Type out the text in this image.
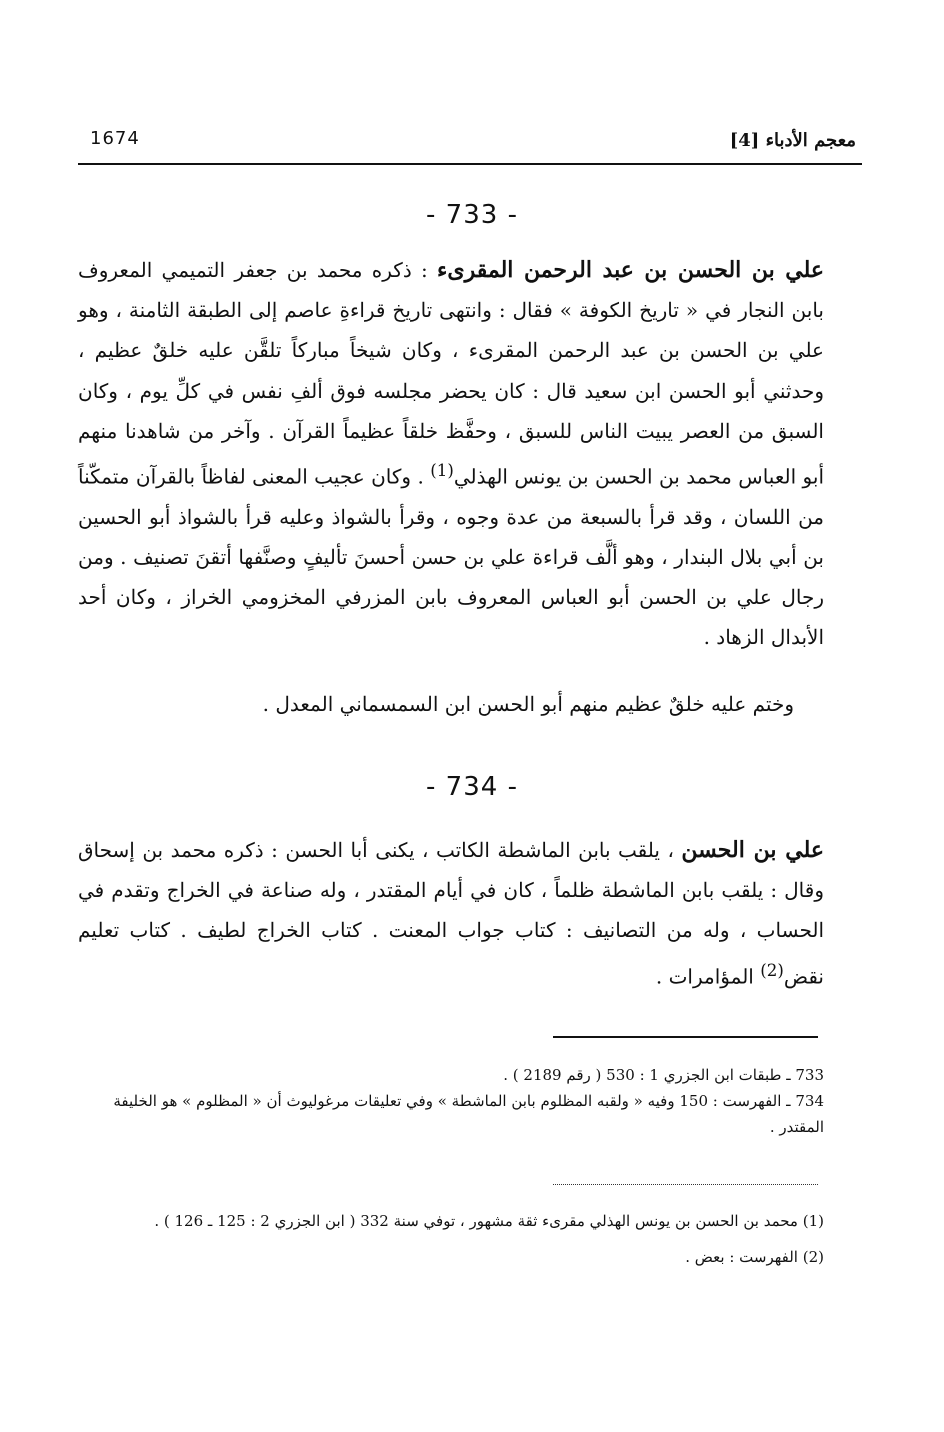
معجم الأدباء [4]
1674
- 733 -
علي بن الحسن بن عبد الرحمن المقرىء : ذكره محمد بن جعفر التميمي المعروف بابن النجار في « تاريخ الكوفة » فقال : وانتهى تاريخ قراءةِ عاصم إلى الطبقة الثامنة ، وهو علي بن الحسن بن عبد الرحمن المقرىء ، وكان شيخاً مباركاً تلقَّن عليه خلقٌ عظيم ، وحدثني أبو الحسن ابن سعيد قال : كان يحضر مجلسه فوق ألفِ نفس في كلِّ يوم ، وكان السبق من العصر يبيت الناس للسبق ، وحفَّظ خلقاً عظيماً القرآن . وآخر من شاهدنا منهم أبو العباس محمد بن الحسن بن يونس الهذلي$^{(1)}$ . وكان عجيب المعنى لفاظاً بالقرآن متمكّناً من اللسان ، وقد قرأ بالسبعة من عدة وجوه ، وقرأ بالشواذ وعليه قرأ بالشواذ أبو الحسين بن أبي بلال البندار ، وهو ألَّف قراءة علي بن حسن أحسنَ تأليفٍ وصنَّفها أتقنَ تصنيف . ومن رجال علي بن الحسن أبو العباس المعروف بابن المزرفي المخزومي الخراز ، وكان أحد الأبدال الزهاد .
وختم عليه خلقٌ عظيم منهم أبو الحسن ابن السمسماني المعدل .
- 734 -
علي بن الحسن ، يلقب بابن الماشطة الكاتب ، يكنى أبا الحسن : ذكره محمد بن إسحاق وقال : يلقب بابن الماشطة ظلماً ، كان في أيام المقتدر ، وله صناعة في الخراج وتقدم في الحساب ، وله من التصانيف : كتاب جواب المعنت . كتاب الخراج لطيف . كتاب تعليم نقض$^{(2)}$ المؤامرات .

733 ـ طبقات ابن الجزري 1 : 530 ( رقم 2189 ) .

734 ـ الفهرست : 150 وفيه « ولقبه المظلوم بابن الماشطة » وفي تعليقات مرغوليوث أن « المظلوم » هو الخليفة المقتدر .

(1) محمد بن الحسن بن يونس الهذلي مقرىء ثقة مشهور ، توفي سنة 332 ( ابن الجزري 2 : 125 ـ 126 ) .

(2) الفهرست : بعض .
